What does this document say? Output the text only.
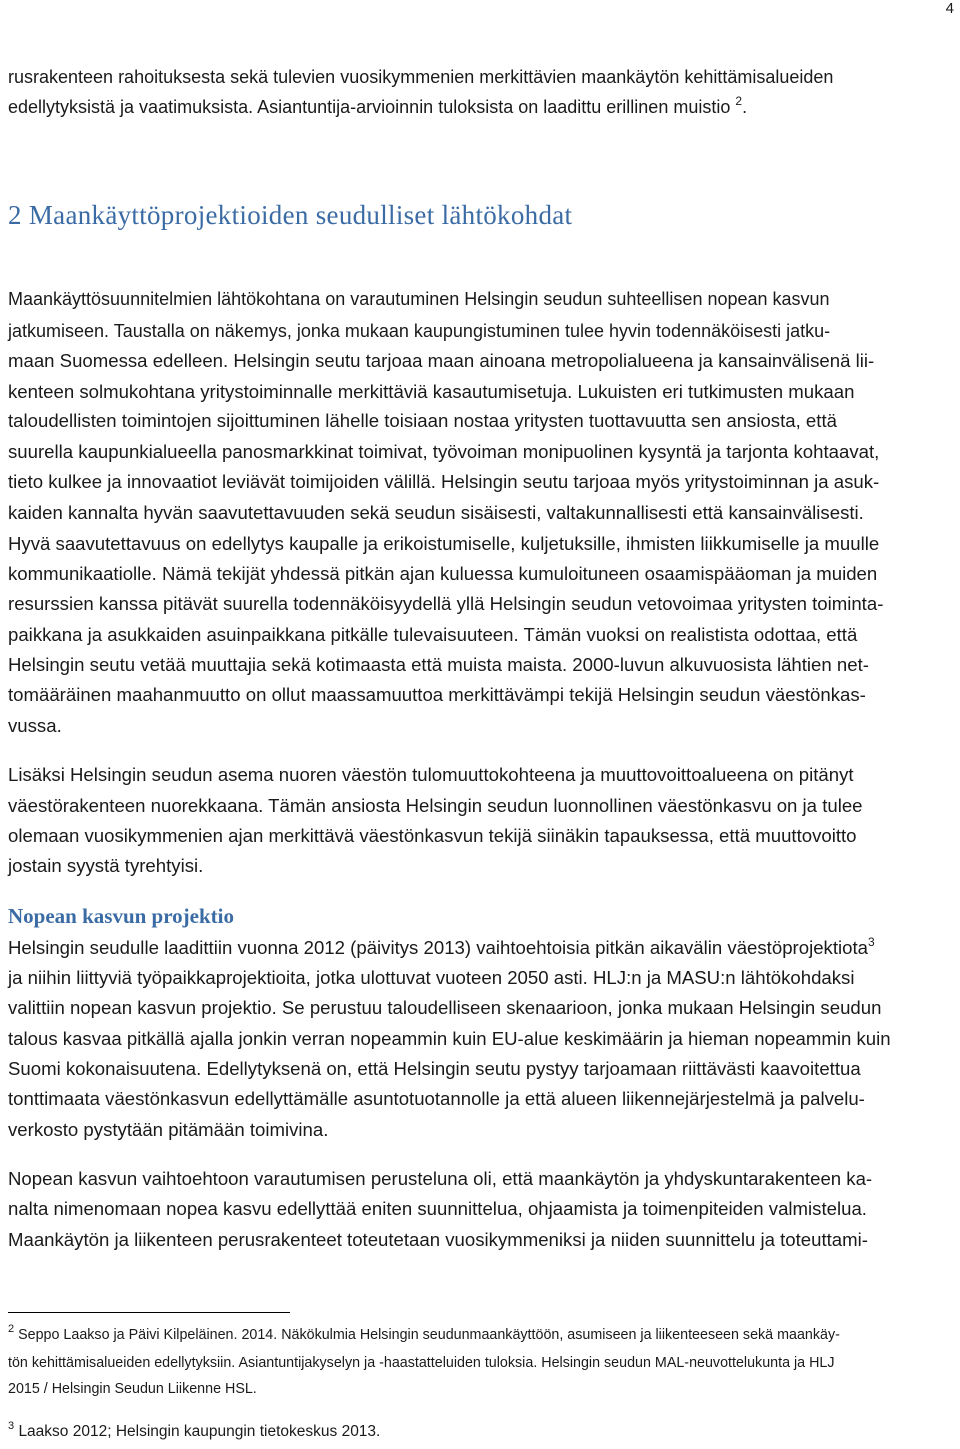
4
rusrakenteen rahoituksesta sekä tulevien vuosikymmenien merkittävien maankäytön kehittämisalueiden
edellytyksistä ja vaatimuksista. Asiantuntija-arvioinnin tuloksista on laadittu erillinen muistio $^2$.
2 Maankäyttöprojektioiden seudulliset lähtökohdat
Maankäyttösuunnitelmien lähtökohtana on varautuminen Helsingin seudun suhteellisen nopean kasvun
jatkumiseen. Taustalla on näkemys, jonka mukaan kaupungistuminen tulee hyvin todennäköisesti jatku-
maan Suomessa edelleen. Helsingin seutu tarjoaa maan ainoana metropolialueena ja kansainvälisenä lii-
kenteen solmukohtana yritystoiminnalle merkittäviä kasautumisetuja. Lukuisten eri tutkimusten mukaan
taloudellisten toimintojen sijoittuminen lähelle toisiaan nostaa yritysten tuottavuutta sen ansiosta, että
suurella kaupunkialueella panosmarkkinat toimivat, työvoiman monipuolinen kysyntä ja tarjonta kohtaavat,
tieto kulkee ja innovaatiot leviävät toimijoiden välillä. Helsingin seutu tarjoaa myös yritystoiminnan ja asuk-
kaiden kannalta hyvän saavutettavuuden sekä seudun sisäisesti, valtakunnallisesti että kansainvälisesti.
Hyvä saavutettavuus on edellytys kaupalle ja erikoistumiselle, kuljetuksille, ihmisten liikkumiselle ja muulle
kommunikaatiolle. Nämä tekijät yhdessä pitkän ajan kuluessa kumuloituneen osaamispääoman ja muiden
resurssien kanssa pitävät suurella todennäköisyydellä yllä Helsingin seudun vetovoimaa yritysten toiminta-
paikkana ja asukkaiden asuinpaikkana pitkälle tulevaisuuteen. Tämän vuoksi on realistista odottaa, että
Helsingin seutu vetää muuttajia sekä kotimaasta että muista maista. 2000-luvun alkuvuosista lähtien net-
tomääräinen maahanmuutto on ollut maassamuuttoa merkittävämpi tekijä Helsingin seudun väestönkas-
vussa.
Lisäksi Helsingin seudun asema nuoren väestön tulomuuttokohteena ja muuttovoittoalueena on pitänyt
väestörakenteen nuorekkaana. Tämän ansiosta Helsingin seudun luonnollinen väestönkasvu on ja tulee
olemaan vuosikymmenien ajan merkittävä väestönkasvun tekijä siinäkin tapauksessa, että muuttovoitto
jostain syystä tyrehtyisi.
Nopean kasvun projektio
Helsingin seudulle laadittiin vuonna 2012 (päivitys 2013) vaihtoehtoisia pitkän aikavälin väestöprojektiota$^3$
ja niihin liittyviä työpaikkaprojektioita, jotka ulottuvat vuoteen 2050 asti. HLJ:n ja MASU:n lähtökohdaksi
valittiin nopean kasvun projektio. Se perustuu taloudelliseen skenaarioon, jonka mukaan Helsingin seudun
talous kasvaa pitkällä ajalla jonkin verran nopeammin kuin EU-alue keskimäärin ja hieman nopeammin kuin
Suomi kokonaisuutena. Edellytyksenä on, että Helsingin seutu pystyy tarjoamaan riittävästi kaavoitettua
tonttimaata väestönkasvun edellyttämälle asuntotuotannolle ja että alueen liikennejärjestelmä ja palvelu-
verkosto pystytään pitämään toimivina.
Nopean kasvun vaihtoehtoon varautumisen perusteluna oli, että maankäytön ja yhdyskuntarakenteen ka-
nalta nimenomaan nopea kasvu edellyttää eniten suunnittelua, ohjaamista ja toimenpiteiden valmistelua.
Maankäytön ja liikenteen perusrakenteet toteutetaan vuosikymmeniksi ja niiden suunnittelu ja toteuttami-
$^2$ Seppo Laakso ja Päivi Kilpeläinen. 2014. Näkökulmia Helsingin seudunmaankäyttöön, asumiseen ja liikenteeseen sekä maankäy-
tön kehittämisalueiden edellytyksiin. Asiantuntijakyselyn ja -haastatteluiden tuloksia. Helsingin seudun MAL-neuvottelukunta ja HLJ
2015 / Helsingin Seudun Liikenne HSL.
$^3$ Laakso 2012; Helsingin kaupungin tietokeskus 2013.
